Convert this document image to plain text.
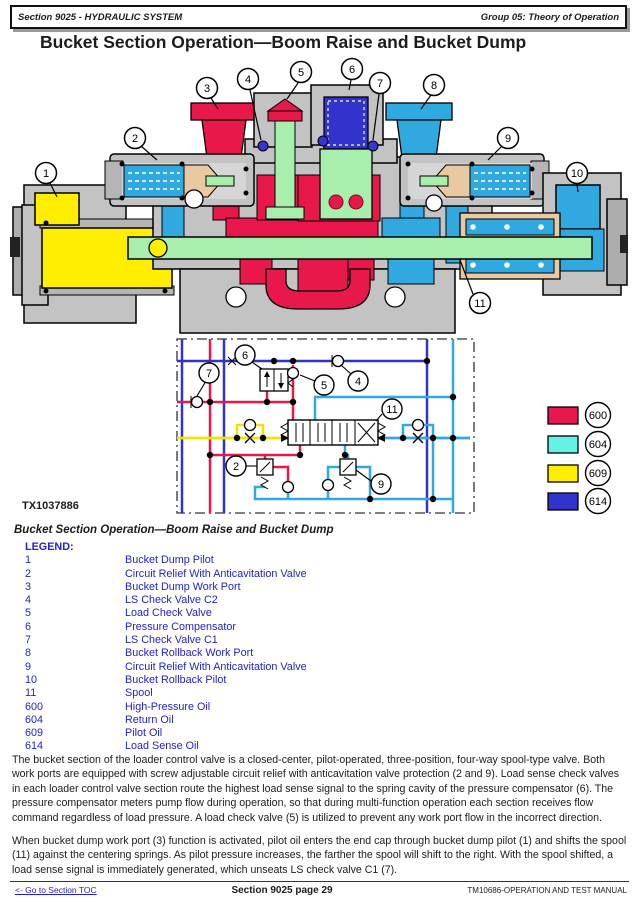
Section 9025 - HYDRAULIC SYSTEM	Group 05: Theory of Operation
Bucket Section Operation—Boom Raise and Bucket Dump
1
2
3
4
5	6
7	8
9
10
11
6
7
5	4
11
2
9
600
604
609
614
TX1037886
Bucket Section Operation—Boom Raise and Bucket Dump
LEGEND:
1	Bucket Dump Pilot
2	Circuit Relief With Anticavitation Valve
3	Bucket Dump Work Port
4	LS Check Valve C2
5	Load Check Valve
6	Pressure Compensator
7	LS Check Valve C1
8	Bucket Rollback Work Port
9	Circuit Relief With Anticavitation Valve
10	Bucket Rollback Pilot
11	Spool
600	High-Pressure Oil
604	Return Oil
609	Pilot Oil
614	Load Sense Oil

The bucket section of the loader control valve is a closed-center, pilot-operated, three-position, four-way spool-type valve. Both work ports are equipped with screw adjustable circuit relief with anticavitation valve protection (2 and 9). Load sense check valves in each loader control valve section route the highest load sense signal to the spring cavity of the pressure compensator (6). The pressure compensator meters pump flow during operation, so that during multi-function operation each section receives flow command regardless of load pressure. A load check valve (5) is utilized to prevent any work port flow in the incorrect direction.

When bucket dump work port (3) function is activated, pilot oil enters the end cap through bucket dump pilot (1) and shifts the spool (11) against the centering springs. As pilot pressure increases, the farther the spool will shift to the right. With the spool shifted, a load sense signal is immediately generated, which unseats LS check valve C1 (7).

<- Go to Section TOC	Section 9025 page 29	TM10686-OPERATION AND TEST MANUAL
